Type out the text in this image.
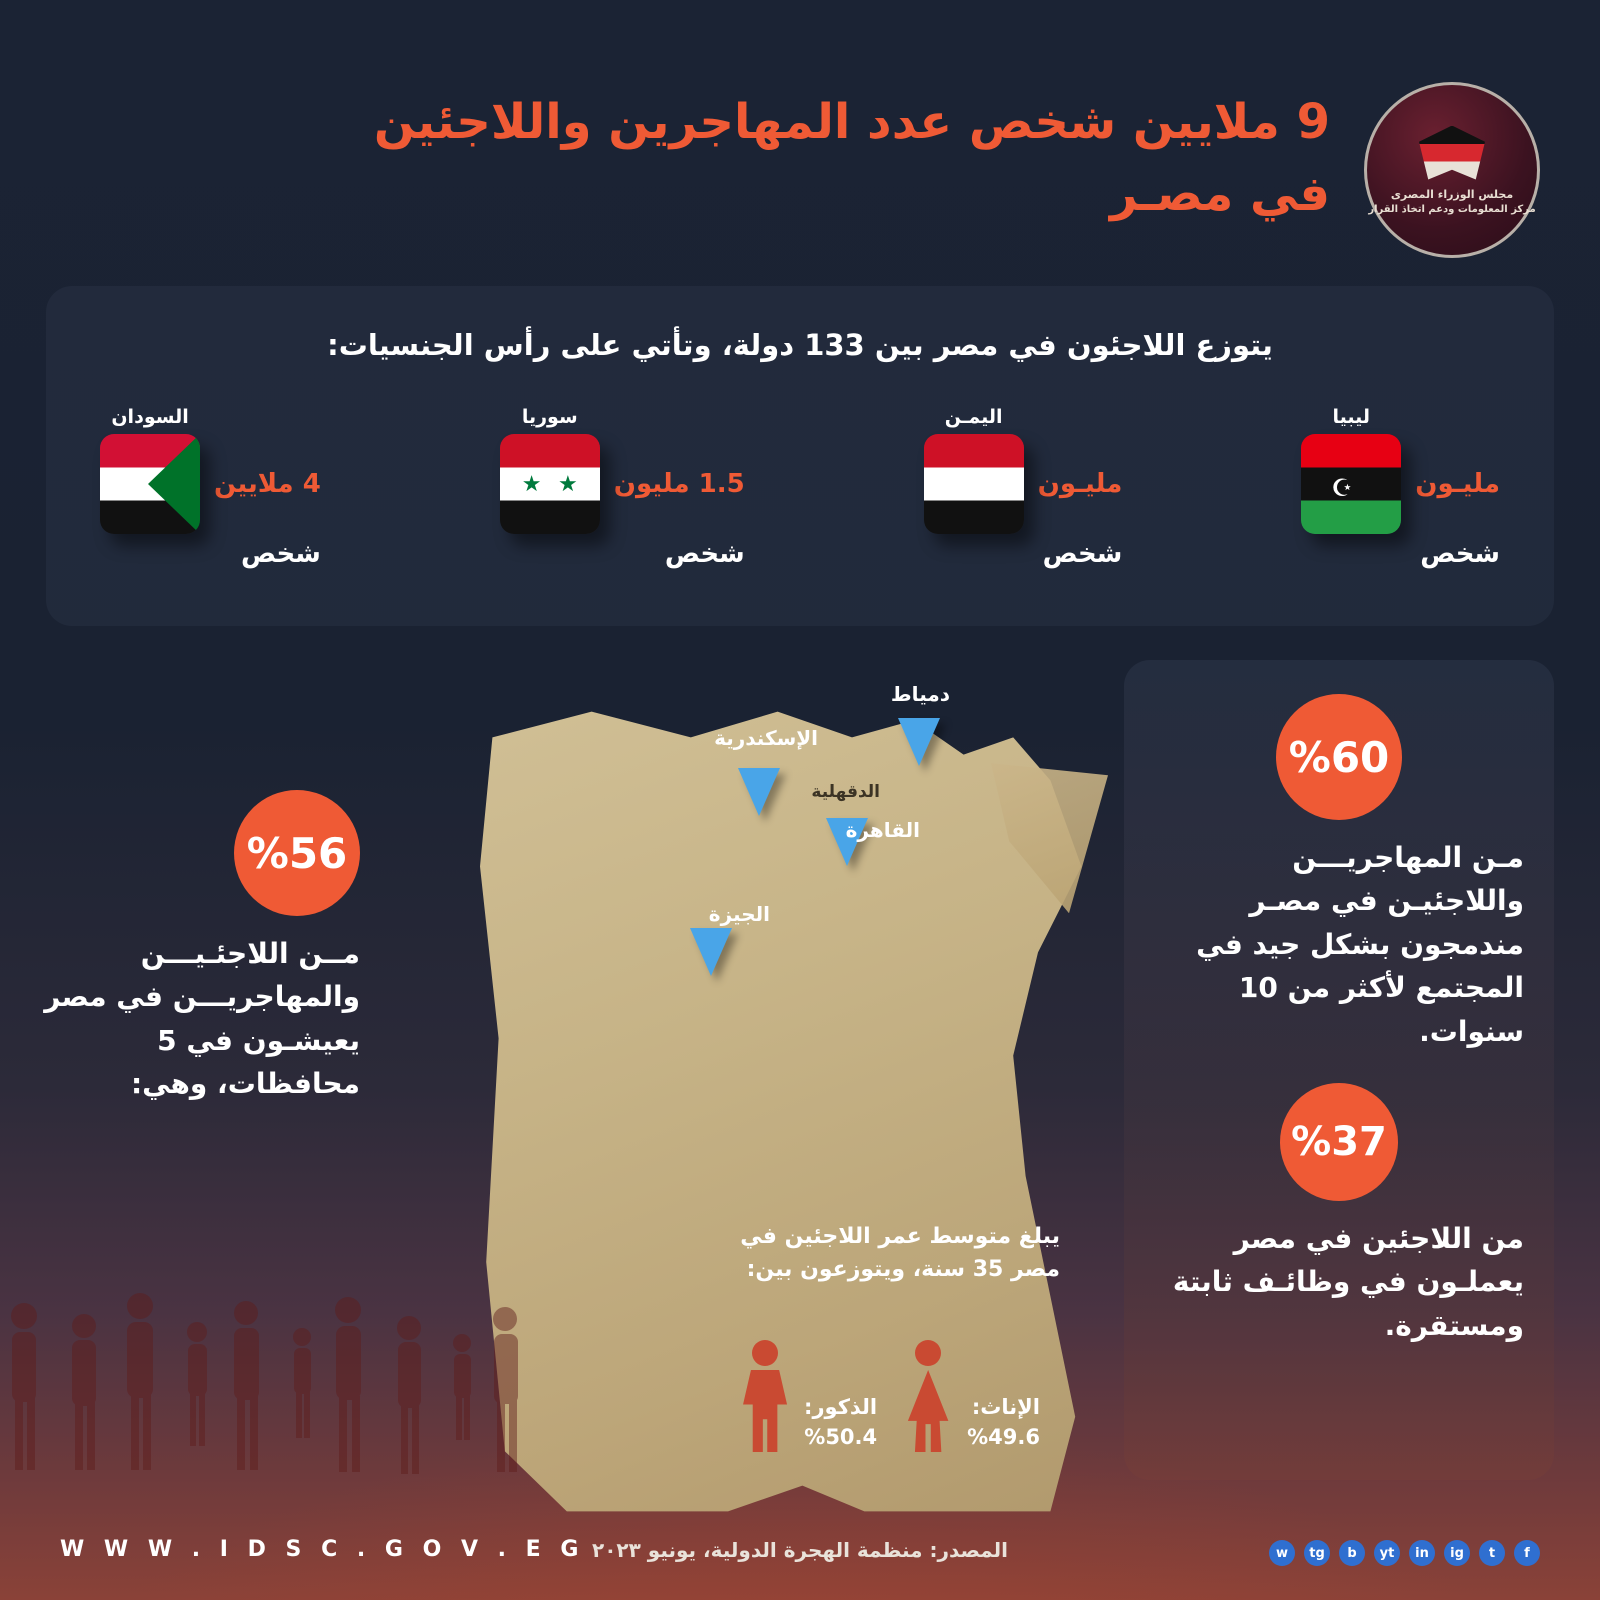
9 ملايين شخص عدد المهاجرين واللاجئين
في مصـر	مجلس الوزراء المصرى
مركز المعلومات ودعم اتخاذ القرار
يتوزع اللاجئون في مصر بين 133 دولة، وتأتي على رأس الجنسيات:

مليـون

شخص

ليبيا
☪

مليـون

شخص

اليمـن

1.5 مليون

شخص

سوريا
★ ★

4 ملايين

شخص

السودان
%60
مـن المهاجريـــن واللاجئيـن في مصـر مندمجون بشكل جيد في المجتمع لأكثر من 10 سنوات.
%37
من اللاجئين في مصر يعملـون في وظائـف ثابتة ومستقرة.
%56
مــن اللاجئـيـــن والمهاجريـــن في مصر يعيشـون في 5 محافظات، وهي:
دمياط
الإسكندرية
الدقهلية
القاهرة
الجيزة
يبلغ متوسط عمر اللاجئين في مصر 35 سنة، ويتوزعون بين:
الإناث:
%49.6
الذكور:
%50.4
W W W . I D S C . G O V . E G المصدر: منظمة الهجرة الدولية، يونيو ٢٠٢٣	f
t
ig
in
yt
b
tg
w
